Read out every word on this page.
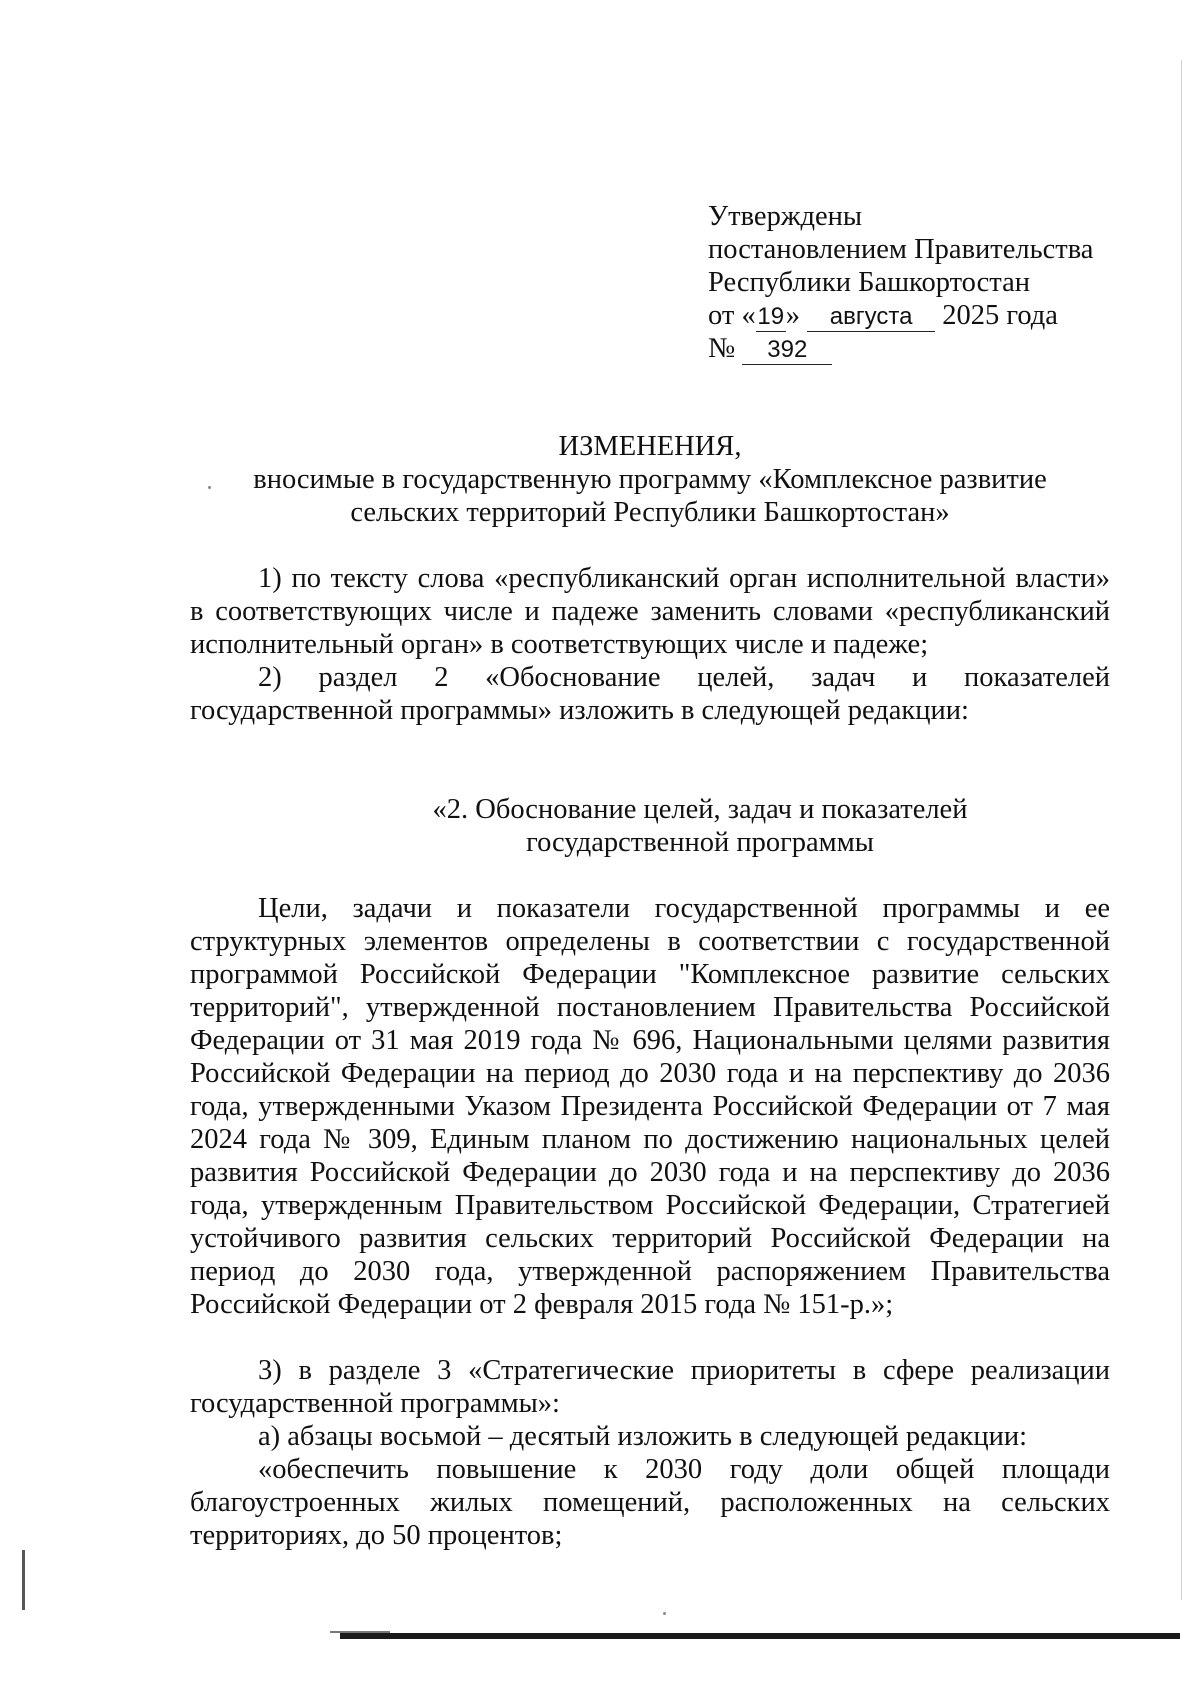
Утверждены
постановлением Правительства
Республики Башкортостан
от «19» августа 2025 года
№ 392
ИЗМЕНЕНИЯ,
вносимые в государственную программу «Комплексное развитие
сельских территорий Республики Башкортостан»

1) по тексту слова «республиканский орган исполнительной власти» в соответствующих числе и падеже заменить словами «республиканский исполнительный орган» в соответствующих числе и падеже;

2) раздел 2 «Обоснование целей, задач и показателей государственной программы» изложить в следующей редакции:

«2. Обоснование целей, задач и показателей
государственной программы

Цели, задачи и показатели государственной программы и ее структурных элементов определены в соответствии с государственной программой Российской Федерации "Комплексное развитие сельских территорий", утвержденной постановлением Правительства Российской Федерации от 31 мая 2019 года № 696, Национальными целями развития Российской Федерации на период до 2030 года и на перспективу до 2036 года, утвержденными Указом Президента Российской Федерации от 7 мая 2024 года № 309, Единым планом по достижению национальных целей развития Российской Федерации до 2030 года и на перспективу до 2036 года, утвержденным Правительством Российской Федерации, Стратегией устойчивого развития сельских территорий Российской Федерации на период до 2030 года, утвержденной распоряжением Правительства Российской Федерации от 2 февраля 2015 года № 151-р.»;

3) в разделе 3 «Стратегические приоритеты в сфере реализации государственной программы»:

а) абзацы восьмой – десятый изложить в следующей редакции:

«обеспечить повышение к 2030 году доли общей площади благоустроенных жилых помещений, расположенных на сельских территориях, до 50 процентов;
